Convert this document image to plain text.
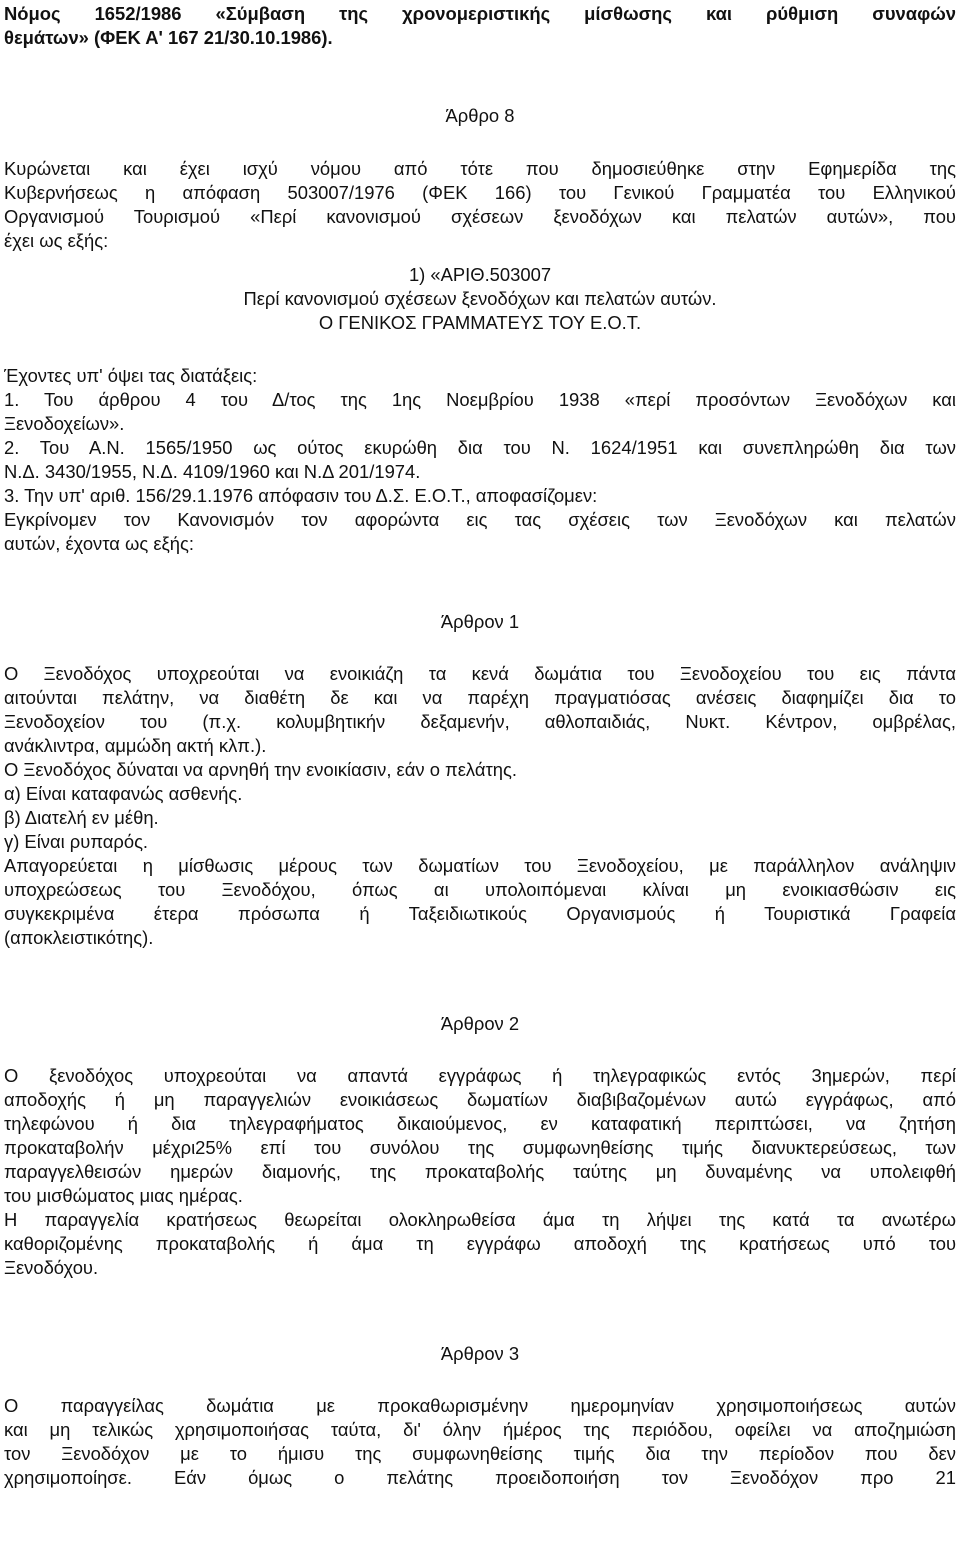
Νόμος 1652/1986 «Σύμβαση της χρονομεριστικής μίσθωσης και ρύθμιση συναφών
θεμάτων» (ΦΕΚ Α' 167 21/30.10.1986).
Άρθρο 8
Κυρώνεται και έχει ισχύ νόμου από τότε που δημοσιεύθηκε στην Εφημερίδα της
Κυβερνήσεως η απόφαση 503007/1976 (ΦΕΚ 166) του Γενικού Γραμματέα του Ελληνικού
Οργανισμού Τουρισμού «Περί κανονισμού σχέσεων ξενοδόχων και πελατών αυτών», που
έχει ως εξής:
1) «ΑΡΙΘ.503007
Περί κανονισμού σχέσεων ξενοδόχων και πελατών αυτών.
Ο ΓΕΝΙΚΟΣ ΓΡΑΜΜΑΤΕΥΣ ΤΟΥ Ε.Ο.Τ.
Έχοντες υπ' όψει τας διατάξεις:
1. Του άρθρου 4 του Δ/τος της 1ης Νοεμβρίου 1938 «περί προσόντων Ξενοδόχων και
Ξενοδοχείων».
2. Του Α.Ν. 1565/1950 ως ούτος εκυρώθη δια του Ν. 1624/1951 και συνεπληρώθη δια των
Ν.Δ. 3430/1955, Ν.Δ. 4109/1960 και Ν.Δ 201/1974.
3. Την υπ' αριθ. 156/29.1.1976 απόφασιν του Δ.Σ. Ε.Ο.Τ., αποφασίζομεν:
Εγκρίνομεν τον Κανονισμόν τον αφορώντα εις τας σχέσεις των Ξενοδόχων και πελατών
αυτών, έχοντα ως εξής:
Άρθρον 1
Ο Ξενοδόχος υποχρεούται να ενοικιάζη τα κενά δωμάτια του Ξενοδοχείου του εις πάντα
αιτούνται πελάτην, να διαθέτη δε και να παρέχη πραγματιόσας ανέσεις διαφημίζει δια το
Ξενοδοχείον του (π.χ. κολυμβητικήν δεξαμενήν, αθλοπαιδιάς, Νυκτ. Κέντρον, ομβρέλας,
ανάκλιντρα, αμμώδη ακτή κλπ.).
Ο Ξενοδόχος δύναται να αρνηθή την ενοικίασιν, εάν ο πελάτης.
α) Είναι καταφανώς ασθενής.
β) Διατελή εν μέθη.
γ) Είναι ρυπαρός.
Απαγορεύεται η μίσθωσις μέρους των δωματίων του Ξενοδοχείου, με παράλληλον ανάληψιν
υποχρεώσεως του Ξενοδόχου, όπως αι υπολοιπόμεναι κλίναι μη ενοικιασθώσιν εις
συγκεκριμένα έτερα πρόσωπα ή Ταξειδιωτικούς Οργανισμούς ή Τουριστικά Γραφεία
(αποκλειστικότης).
Άρθρον 2
Ο ξενοδόχος υποχρεούται να απαντά εγγράφως ή τηλεγραφικώς εντός 3ημερών, περί
αποδοχής ή μη παραγγελιών ενοικιάσεως δωματίων διαβιβαζομένων αυτώ εγγράφως, από
τηλεφώνου ή δια τηλεγραφήματος δικαιούμενος, εν καταφατική περιπτώσει, να ζητήση
προκαταβολήν μέχρι25% επί του συνόλου της συμφωνηθείσης τιμής διανυκτερεύσεως, των
παραγγελθεισών ημερών διαμονής, της προκαταβολής ταύτης μη δυναμένης να υπολειφθή
του μισθώματος μιας ημέρας.
Η παραγγελία κρατήσεως θεωρείται ολοκληρωθείσα άμα τη λήψει της κατά τα ανωτέρω
καθοριζομένης προκαταβολής ή άμα τη εγγράφω αποδοχή της κρατήσεως υπό του
Ξενοδόχου.
Άρθρον 3
Ο παραγγείλας δωμάτια με προκαθωρισμένην ημερομηνίαν χρησιμοποιήσεως αυτών
και μη τελικώς χρησιμοποιήσας ταύτα, δι' όλην ήμέρος της περιόδου, οφείλει να αποζημιώση
τον Ξενοδόχον με το ήμισυ της συμφωνηθείσης τιμής δια την περίοδον που δεν
χρησιμοποίησε. Εάν όμως ο πελάτης προειδοποιήση τον Ξενοδόχον προ 21
